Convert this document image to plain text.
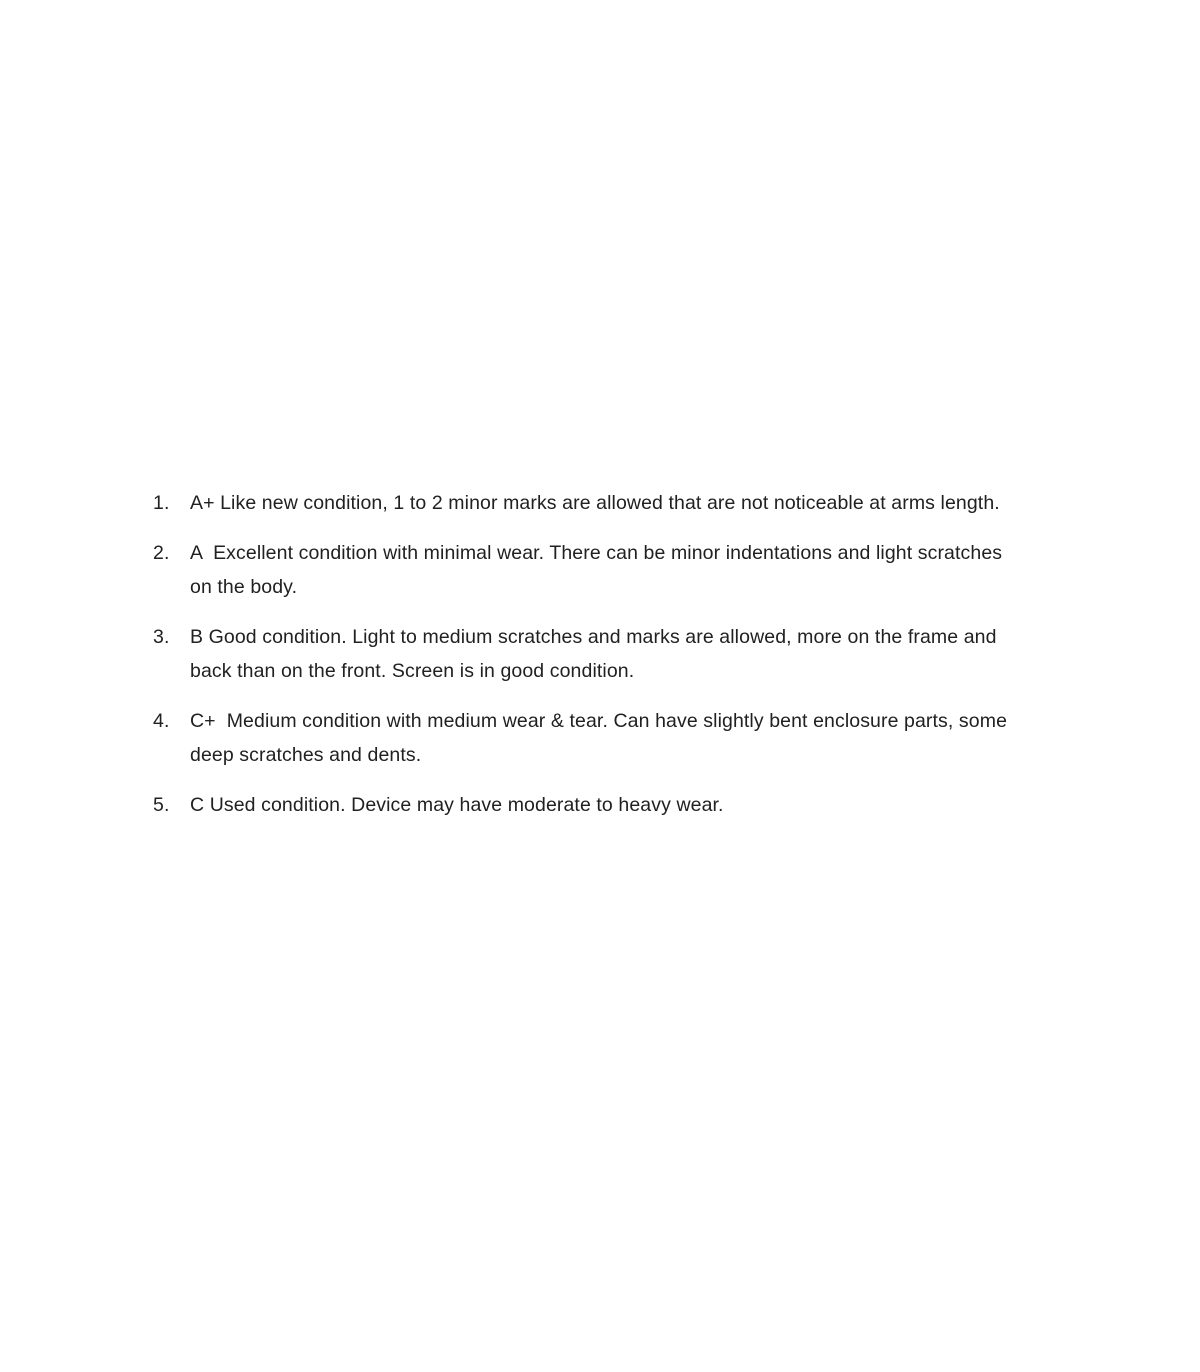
1.	A+ Like new condition, 1 to 2 minor marks are allowed that are not noticeable at arms length.
2.	A  Excellent condition with minimal wear. There can be minor indentations and light scratches on the body.
3.	B Good condition. Light to medium scratches and marks are allowed, more on the frame and back than on the front. Screen is in good condition.
4.	C+  Medium condition with medium wear & tear. Can have slightly bent enclosure parts, some deep scratches and dents.
5.	C Used condition. Device may have moderate to heavy wear.
